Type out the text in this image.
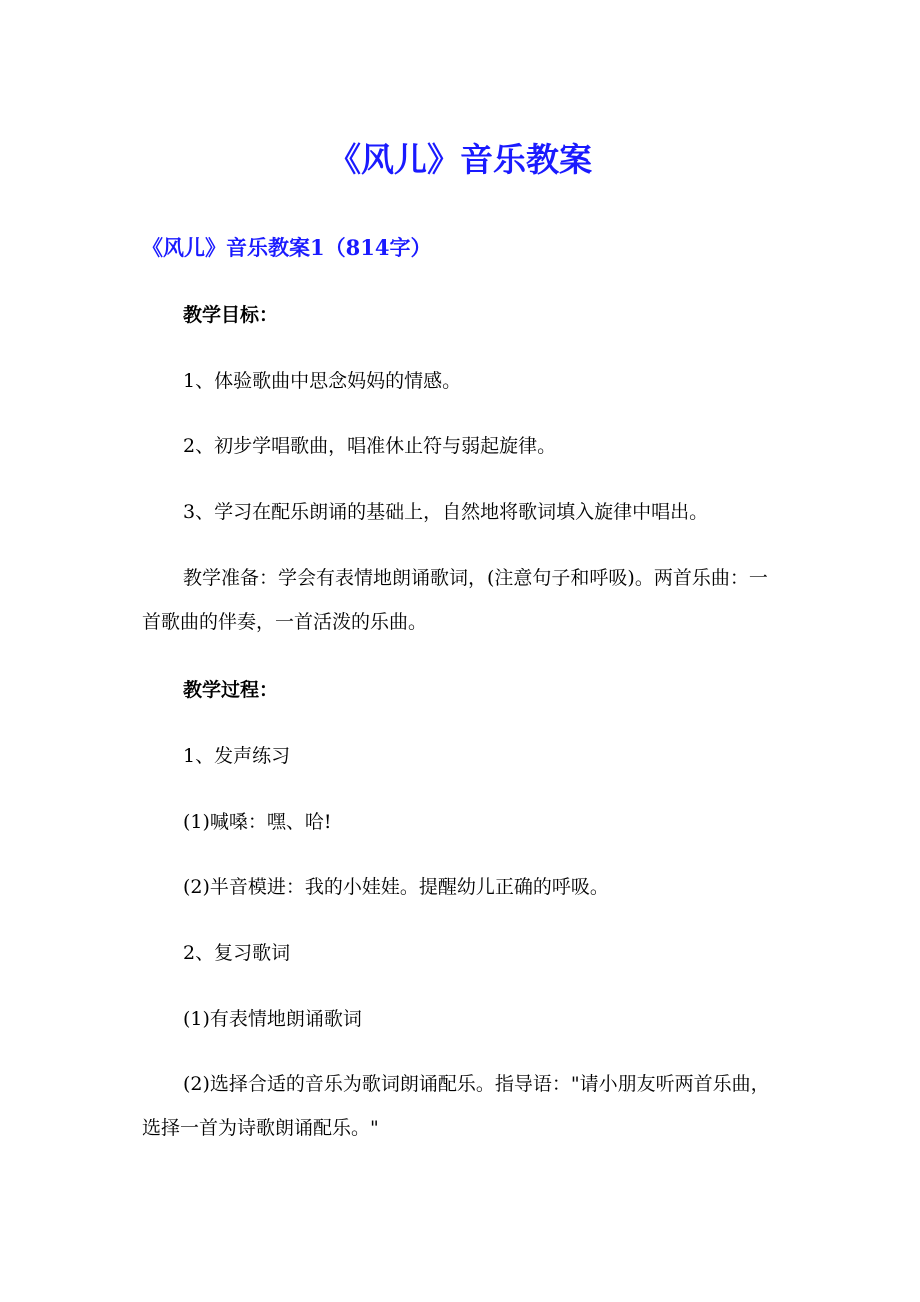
《风儿》音乐教案
《风儿》音乐教案1（814字）

教学目标：

1、体验歌曲中思念妈妈的情感。

2、初步学唱歌曲，唱准休止符与弱起旋律。

3、学习在配乐朗诵的基础上，自然地将歌词填入旋律中唱出。

教学准备：学会有表情地朗诵歌词，(注意句子和呼吸)。两首乐曲：一首歌曲的伴奏，一首活泼的乐曲。

教学过程：

1、发声练习

(1)喊嗓：嘿、哈!

(2)半音模进：我的小娃娃。提醒幼儿正确的呼吸。

2、复习歌词

(1)有表情地朗诵歌词

(2)选择合适的音乐为歌词朗诵配乐。指导语："请小朋友听两首乐曲，选择一首为诗歌朗诵配乐。"
